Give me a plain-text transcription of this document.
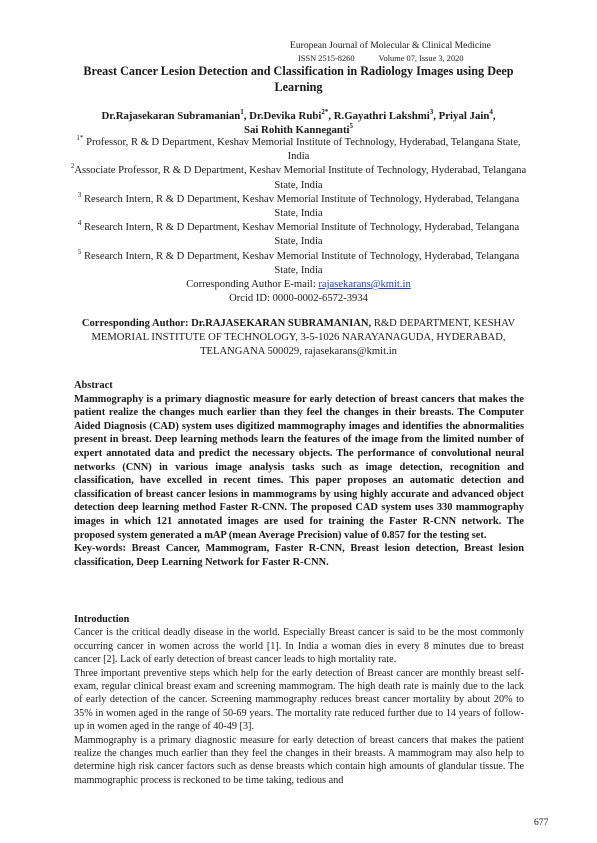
European Journal of Molecular & Clinical Medicine
ISSN 2515-8260	Volume 07, Issue 3, 2020
Breast Cancer Lesion Detection and Classification in Radiology Images using Deep Learning
Dr.Rajasekaran Subramanian$^1$, Dr.Devika Rubi$^{2*}$, R.Gayathri Lakshmi$^3$, Priyal Jain$^4$,
Sai Rohith Kanneganti$^5$
$^{1*}$ Professor, R & D Department, Keshav Memorial Institute of Technology, Hyderabad, Telangana State, India
$^2$Associate Professor, R & D Department, Keshav Memorial Institute of Technology, Hyderabad, Telangana State, India
$^3$ Research Intern, R & D Department, Keshav Memorial Institute of Technology, Hyderabad, Telangana State, India
$^4$ Research Intern, R & D Department, Keshav Memorial Institute of Technology, Hyderabad, Telangana State, India
$^5$ Research Intern, R & D Department, Keshav Memorial Institute of Technology, Hyderabad, Telangana State, India
Corresponding Author E-mail: rajasekarans@kmit.in
Orcid ID: 0000-0002-6572-3934
Corresponding Author: Dr.RAJASEKARAN SUBRAMANIAN, R&D DEPARTMENT, KESHAV MEMORIAL INSTITUTE OF TECHNOLOGY, 3-5-1026 NARAYANAGUDA, HYDERABAD, TELANGANA 500029, rajasekarans@kmit.in
Abstract
Mammography is a primary diagnostic measure for early detection of breast cancers that makes the patient realize the changes much earlier than they feel the changes in their breasts. The Computer Aided Diagnosis (CAD) system uses digitized mammography images and identifies the abnormalities present in breast. Deep learning methods learn the features of the image from the limited number of expert annotated data and predict the necessary objects. The performance of convolutional neural networks (CNN) in various image analysis tasks such as image detection, recognition and classification, have excelled in recent times. This paper proposes an automatic detection and classification of breast cancer lesions in mammograms by using highly accurate and advanced object detection deep learning method Faster R-CNN. The proposed CAD system uses 330 mammography images in which 121 annotated images are used for training the Faster R-CNN network. The proposed system generated a mAP (mean Average Precision) value of 0.857 for the testing set.
Key-words: Breast Cancer, Mammogram, Faster R-CNN, Breast lesion detection, Breast lesion classification, Deep Learning Network for Faster R-CNN.
Introduction

Cancer is the critical deadly disease in the world. Especially Breast cancer is said to be the most commonly occurring cancer in women across the world [1]. In India a woman dies in every 8 minutes due to breast cancer [2]. Lack of early detection of breast cancer leads to high mortality rate.

Three important preventive steps which help for the early detection of Breast cancer are monthly breast self-exam, regular clinical breast exam and screening mammogram. The high death rate is mainly due to the lack of early detection of the cancer. Screening mammography reduces breast cancer mortality by about 20% to 35% in women aged in the range of 50-69 years. The mortality rate reduced further due to 14 years of follow-up in women aged in the range of 40-49 [3].

Mammography is a primary diagnostic measure for early detection of breast cancers that makes the patient realize the changes much earlier than they feel the changes in their breasts. A mammogram may also help to determine high risk cancer factors such as dense breasts which contain high amounts of glandular tissue. The mammographic process is reckoned to be time taking, tedious and

677
